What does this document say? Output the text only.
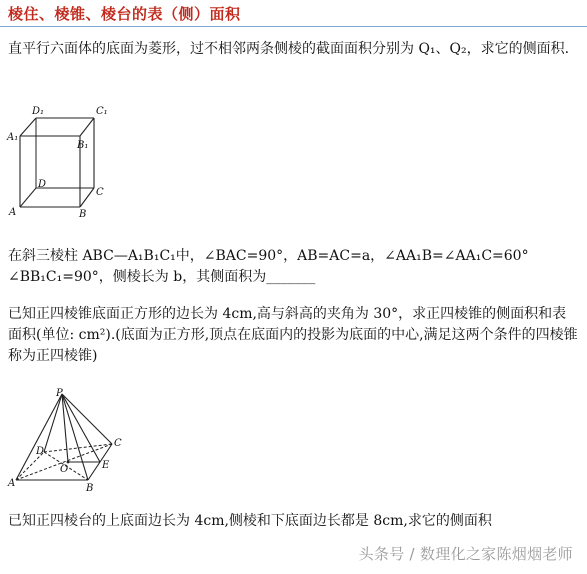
棱住、棱锥、棱台的表（侧）面积
直平行六面体的底面为菱形，过不相邻两条侧棱的截面面积分别为 Q₁、Q₂，求它的侧面积.
D₁	C₁
A₁
B₁
D
C
A	B
在斜三棱柱 ABC—A₁B₁C₁中，∠BAC=90°，AB=AC=a，∠AA₁B=∠AA₁C=60° ∠BB₁C₁=90°，侧棱长为 b，其侧面积为_______
已知正四棱锥底面正方形的边长为 4cm,高与斜高的夹角为 30°，求正四棱锥的侧面积和表面积(单位: cm²).(底面为正方形,顶点在底面内的投影为底面的中心,满足这两个条件的四棱锥称为正四棱锥)
P
C
D
O	E
A	B
已知正四棱台的上底面边长为 4cm,侧棱和下底面边长都是 8cm,求它的侧面积
头条号 / 数理化之家陈烟烟老师
